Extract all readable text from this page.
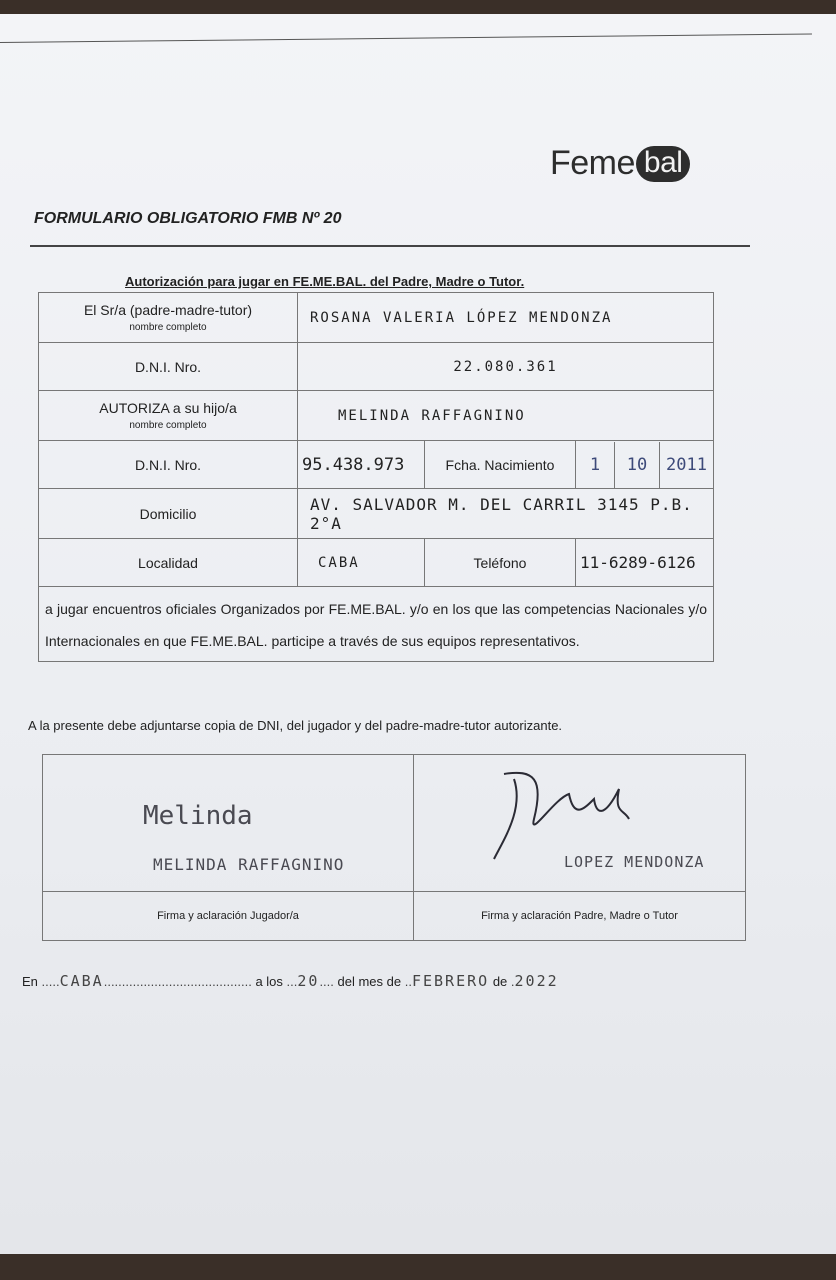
Feme bal
FORMULARIO OBLIGATORIO FMB Nº 20
Autorización para jugar en FE.ME.BAL. del Padre, Madre o Tutor.
El Sr/a (padre-madre-tutor)
nombre completo	ROSANA VALERIA LÓPEZ MENDONZA		
D.N.I. Nro.	22.080.361		
AUTORIZA a su hijo/a
nombre completo	MELINDA RAFFAGNINO		
D.N.I. Nro.	95.438.973	Fcha. Nacimiento	1 10 2011

Domicilio	AV. SALVADOR M. DEL CARRIL 3145 P.B. 2°A		
Localidad	CABA	Teléfono	11-6289-6126
a jugar encuentros oficiales Organizados por FE.ME.BAL. y/o en los que las competencias Nacionales y/o Internacionales en que FE.ME.BAL. participe a través de sus equipos representativos.			
A la presente debe adjuntarse copia de DNI, del jugador y del padre-madre-tutor autorizante.
Melinda
MELINDA RAFFAGNINO	LOPEZ MENDONZA

Firma y aclaración Jugador/a	Firma y aclaración Padre, Madre o Tutor
En .....CABA......................................... a los ...20.... del mes de ..FEBRERO de .2022
